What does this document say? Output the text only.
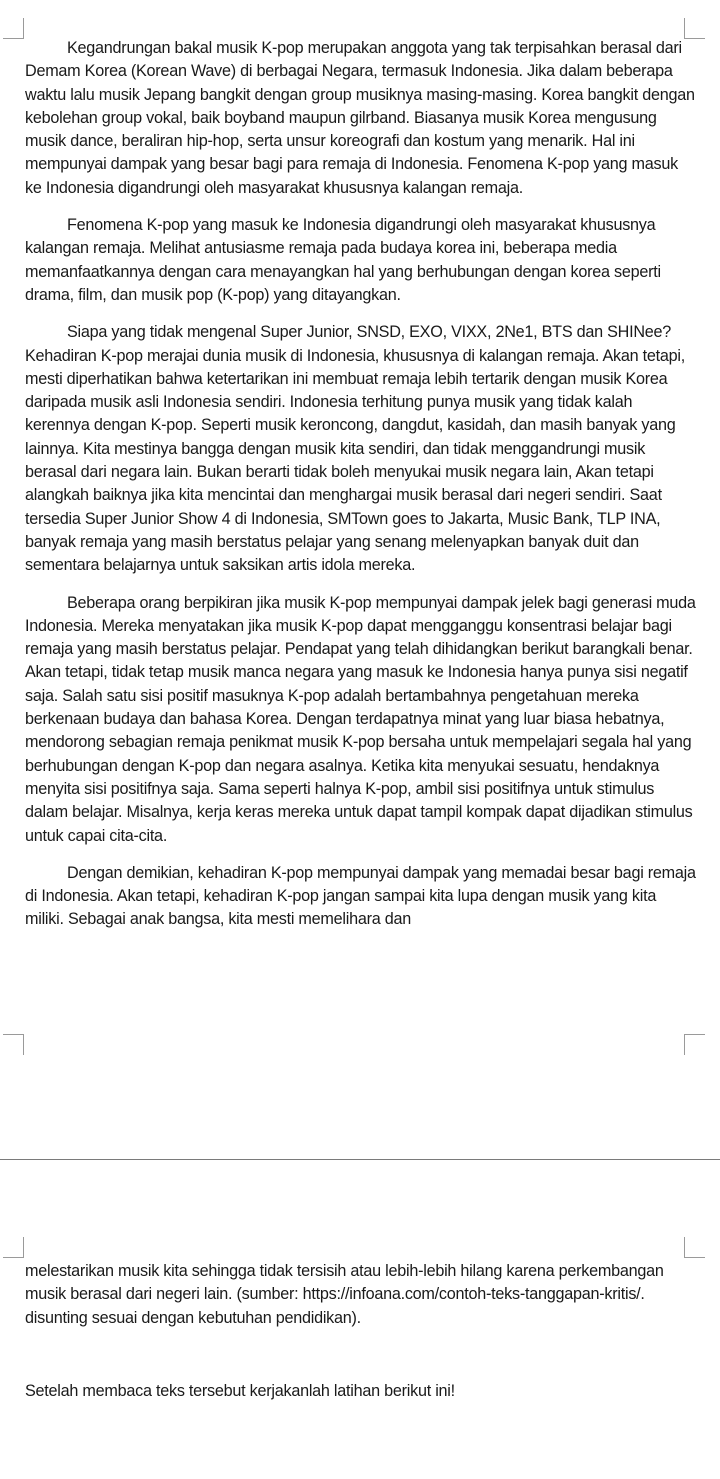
Kegandrungan bakal musik K-pop merupakan anggota yang tak terpisahkan berasal dari Demam Korea (Korean Wave) di berbagai Negara, termasuk Indonesia. Jika dalam beberapa waktu lalu musik Jepang bangkit dengan group musiknya masing-masing. Korea bangkit dengan kebolehan group vokal, baik boyband maupun gilrband. Biasanya musik Korea mengusung musik dance, beraliran hip-hop, serta unsur koreografi dan kostum yang menarik. Hal ini mempunyai dampak yang besar bagi para remaja di Indonesia. Fenomena K-pop yang masuk ke Indonesia digandrungi oleh masyarakat khususnya kalangan remaja.

Fenomena K-pop yang masuk ke Indonesia digandrungi oleh masyarakat khususnya kalangan remaja. Melihat antusiasme remaja pada budaya korea ini, beberapa media memanfaatkannya dengan cara menayangkan hal yang berhubungan dengan korea seperti drama, film, dan musik pop (K-pop) yang ditayangkan.

Siapa yang tidak mengenal Super Junior, SNSD, EXO, VIXX, 2Ne1, BTS dan SHINee? Kehadiran K-pop merajai dunia musik di Indonesia, khususnya di kalangan remaja. Akan tetapi, mesti diperhatikan bahwa ketertarikan ini membuat remaja lebih tertarik dengan musik Korea daripada musik asli Indonesia sendiri. Indonesia terhitung punya musik yang tidak kalah kerennya dengan K-pop. Seperti musik keroncong, dangdut, kasidah, dan masih banyak yang lainnya. Kita mestinya bangga dengan musik kita sendiri, dan tidak menggandrungi musik berasal dari negara lain. Bukan berarti tidak boleh menyukai musik negara lain, Akan tetapi alangkah baiknya jika kita mencintai dan menghargai musik berasal dari negeri sendiri. Saat tersedia Super Junior Show 4 di Indonesia, SMTown goes to Jakarta, Music Bank, TLP INA, banyak remaja yang masih berstatus pelajar yang senang melenyapkan banyak duit dan sementara belajarnya untuk saksikan artis idola mereka.

Beberapa orang berpikiran jika musik K-pop mempunyai dampak jelek bagi generasi muda Indonesia. Mereka menyatakan jika musik K-pop dapat mengganggu konsentrasi belajar bagi remaja yang masih berstatus pelajar. Pendapat yang telah dihidangkan berikut barangkali benar. Akan tetapi, tidak tetap musik manca negara yang masuk ke Indonesia hanya punya sisi negatif saja. Salah satu sisi positif masuknya K-pop adalah bertambahnya pengetahuan mereka berkenaan budaya dan bahasa Korea. Dengan terdapatnya minat yang luar biasa hebatnya, mendorong sebagian remaja penikmat musik K-pop bersaha untuk mempelajari segala hal yang berhubungan dengan K-pop dan negara asalnya. Ketika kita menyukai sesuatu, hendaknya menyita sisi positifnya saja. Sama seperti halnya K-pop, ambil sisi positifnya untuk stimulus dalam belajar. Misalnya, kerja keras mereka untuk dapat tampil kompak dapat dijadikan stimulus untuk capai cita-cita.

Dengan demikian, kehadiran K-pop mempunyai dampak yang memadai besar bagi remaja di Indonesia. Akan tetapi, kehadiran K-pop jangan sampai kita lupa dengan musik yang kita miliki. Sebagai anak bangsa, kita mesti memelihara dan

melestarikan musik kita sehingga tidak tersisih atau lebih-lebih hilang karena perkembangan musik berasal dari negeri lain. (sumber: https://infoana.com/contoh-teks-tanggapan-kritis/. disunting sesuai dengan kebutuhan pendidikan).

Setelah membaca teks tersebut kerjakanlah latihan berikut ini!
